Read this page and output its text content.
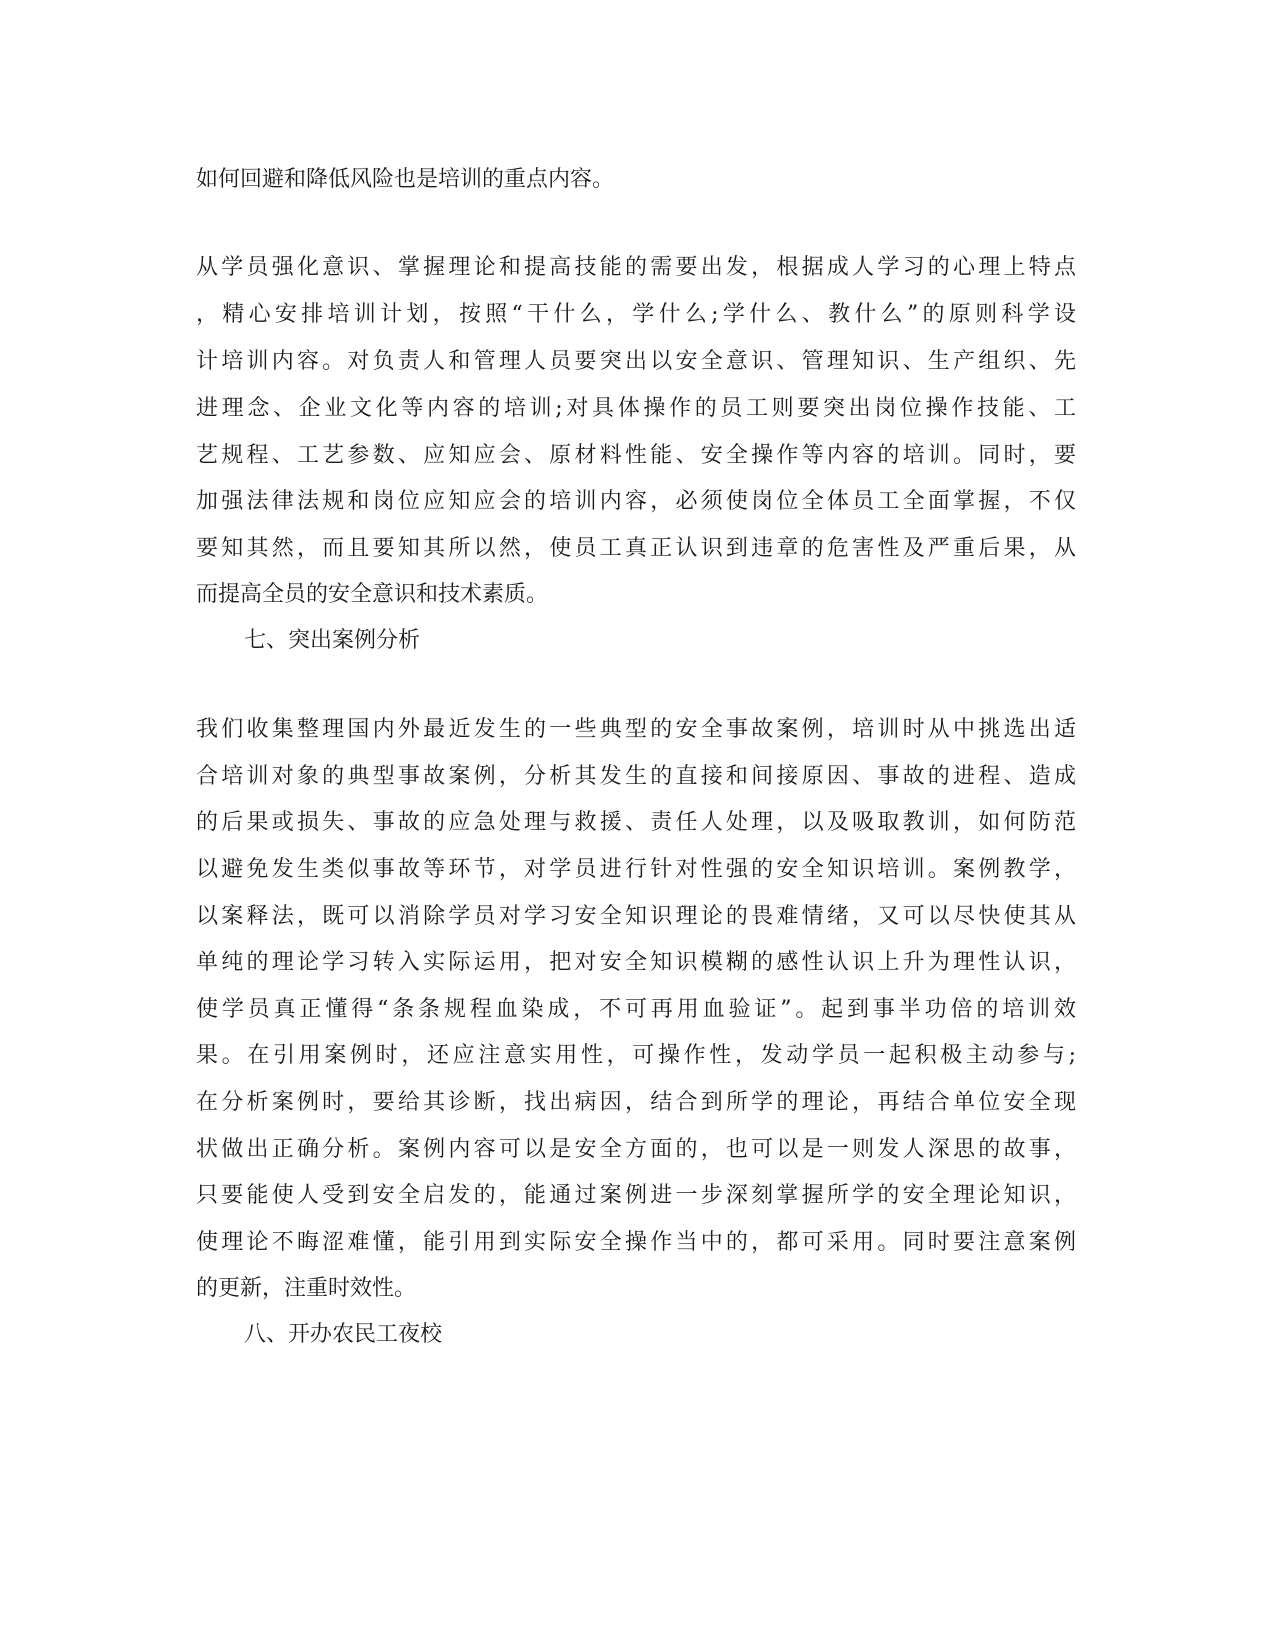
如何回避和降低风险也是培训的重点内容。
从学员强化意识、掌握理论和提高技能的需要出发，根据成人学习的心理上特点
，精心安排培训计划，按照“干什么，学什么;学什么、教什么”的原则科学设
计培训内容。对负责人和管理人员要突出以安全意识、管理知识、生产组织、先
进理念、企业文化等内容的培训;对具体操作的员工则要突出岗位操作技能、工
艺规程、工艺参数、应知应会、原材料性能、安全操作等内容的培训。同时，要
加强法律法规和岗位应知应会的培训内容，必须使岗位全体员工全面掌握，不仅
要知其然，而且要知其所以然，使员工真正认识到违章的危害性及严重后果，从
而提高全员的安全意识和技术素质。
七、突出案例分析
我们收集整理国内外最近发生的一些典型的安全事故案例，培训时从中挑选出适
合培训对象的典型事故案例，分析其发生的直接和间接原因、事故的进程、造成
的后果或损失、事故的应急处理与救援、责任人处理，以及吸取教训，如何防范
以避免发生类似事故等环节，对学员进行针对性强的安全知识培训。案例教学，
以案释法，既可以消除学员对学习安全知识理论的畏难情绪，又可以尽快使其从
单纯的理论学习转入实际运用，把对安全知识模糊的感性认识上升为理性认识，
使学员真正懂得“条条规程血染成，不可再用血验证”。起到事半功倍的培训效
果。在引用案例时，还应注意实用性，可操作性，发动学员一起积极主动参与;
在分析案例时，要给其诊断，找出病因，结合到所学的理论，再结合单位安全现
状做出正确分析。案例内容可以是安全方面的，也可以是一则发人深思的故事，
只要能使人受到安全启发的，能通过案例进一步深刻掌握所学的安全理论知识，
使理论不晦涩难懂，能引用到实际安全操作当中的，都可采用。同时要注意案例
的更新，注重时效性。
八、开办农民工夜校
